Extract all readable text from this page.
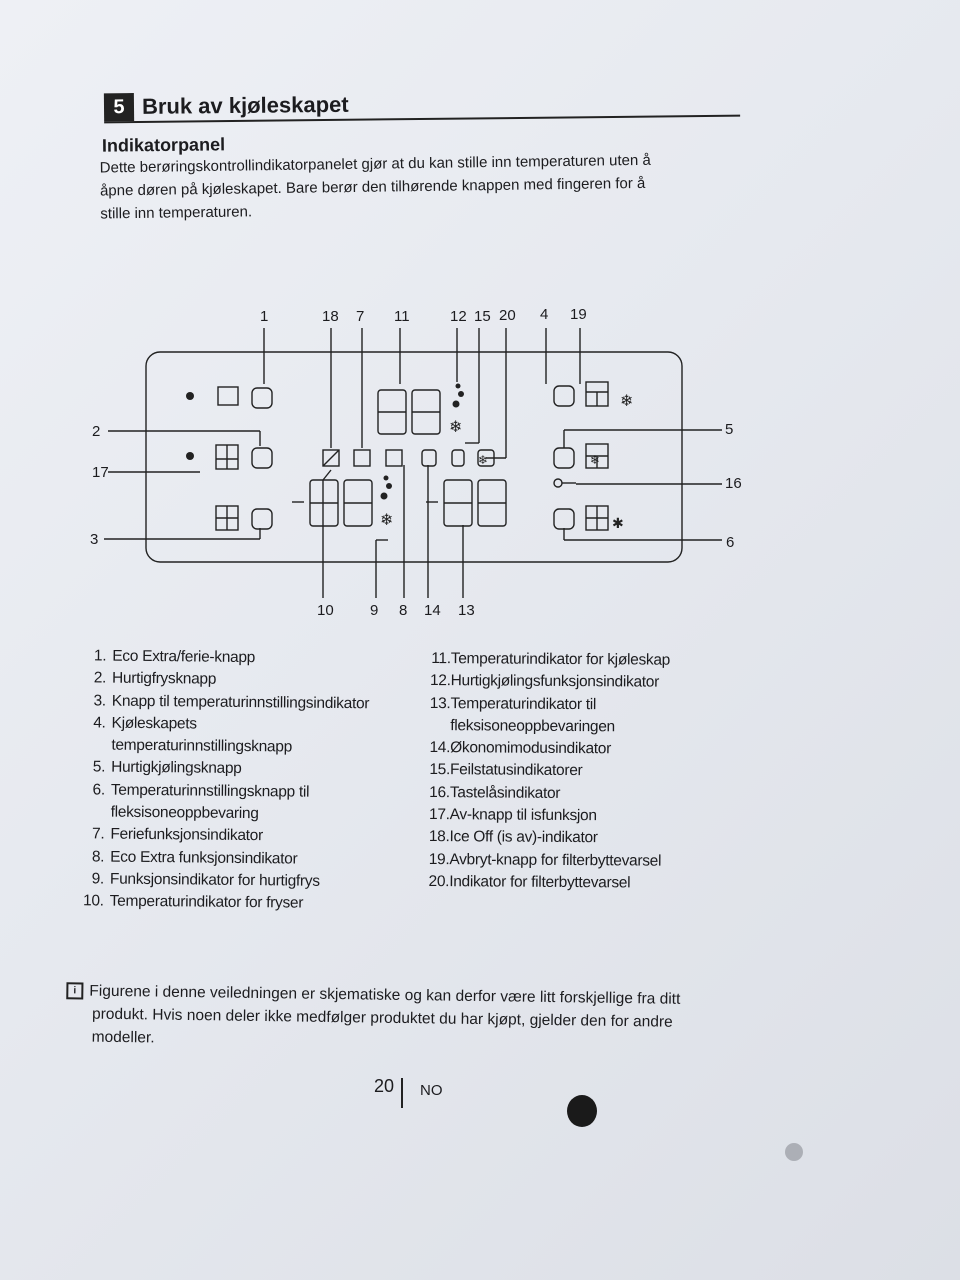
5 Bruk av kjøleskapet
Indikatorpanel
Dette berøringskontrollindikatorpanelet gjør at du kan stille inn temperaturen uten å
åpne døren på kjøleskapet. Bare berør den tilhørende knappen med fingeren for å
stille inn temperaturen.
1	18 7 11	12 15 20 4 19
2
17
3
5
16
6
10 9 8 14 13
❄
❄
❄
❄	❄
✱
1. Eco Extra/ferie-knapp
2. Hurtigfrysknapp
3. Knapp til temperaturinnstillingsindikator
4. Kjøleskapets
temperaturinnstillingsknapp
5. Hurtigkjølingsknapp
6. Temperaturinnstillingsknapp til
fleksisoneoppbevaring
7. Feriefunksjonsindikator
8. Eco Extra funksjonsindikator
9. Funksjonsindikator for hurtigfrys
10. Temperaturindikator for fryser
11. Temperaturindikator for kjøleskap
12. Hurtigkjølingsfunksjonsindikator
13. Temperaturindikator til
fleksisoneoppbevaringen
14. Økonomimodusindikator
15. Feilstatusindikatorer
16. Tastelåsindikator
17. Av-knapp til isfunksjon
18. Ice Off (is av)-indikator
19. Avbryt-knapp for filterbyttevarsel
20. Indikator for filterbyttevarsel
i Figurene i denne veiledningen er skjematiske og kan derfor være litt forskjellige fra ditt
produkt. Hvis noen deler ikke medfølger produktet du har kjøpt, gjelder den for andre
modeller.
20 NO
